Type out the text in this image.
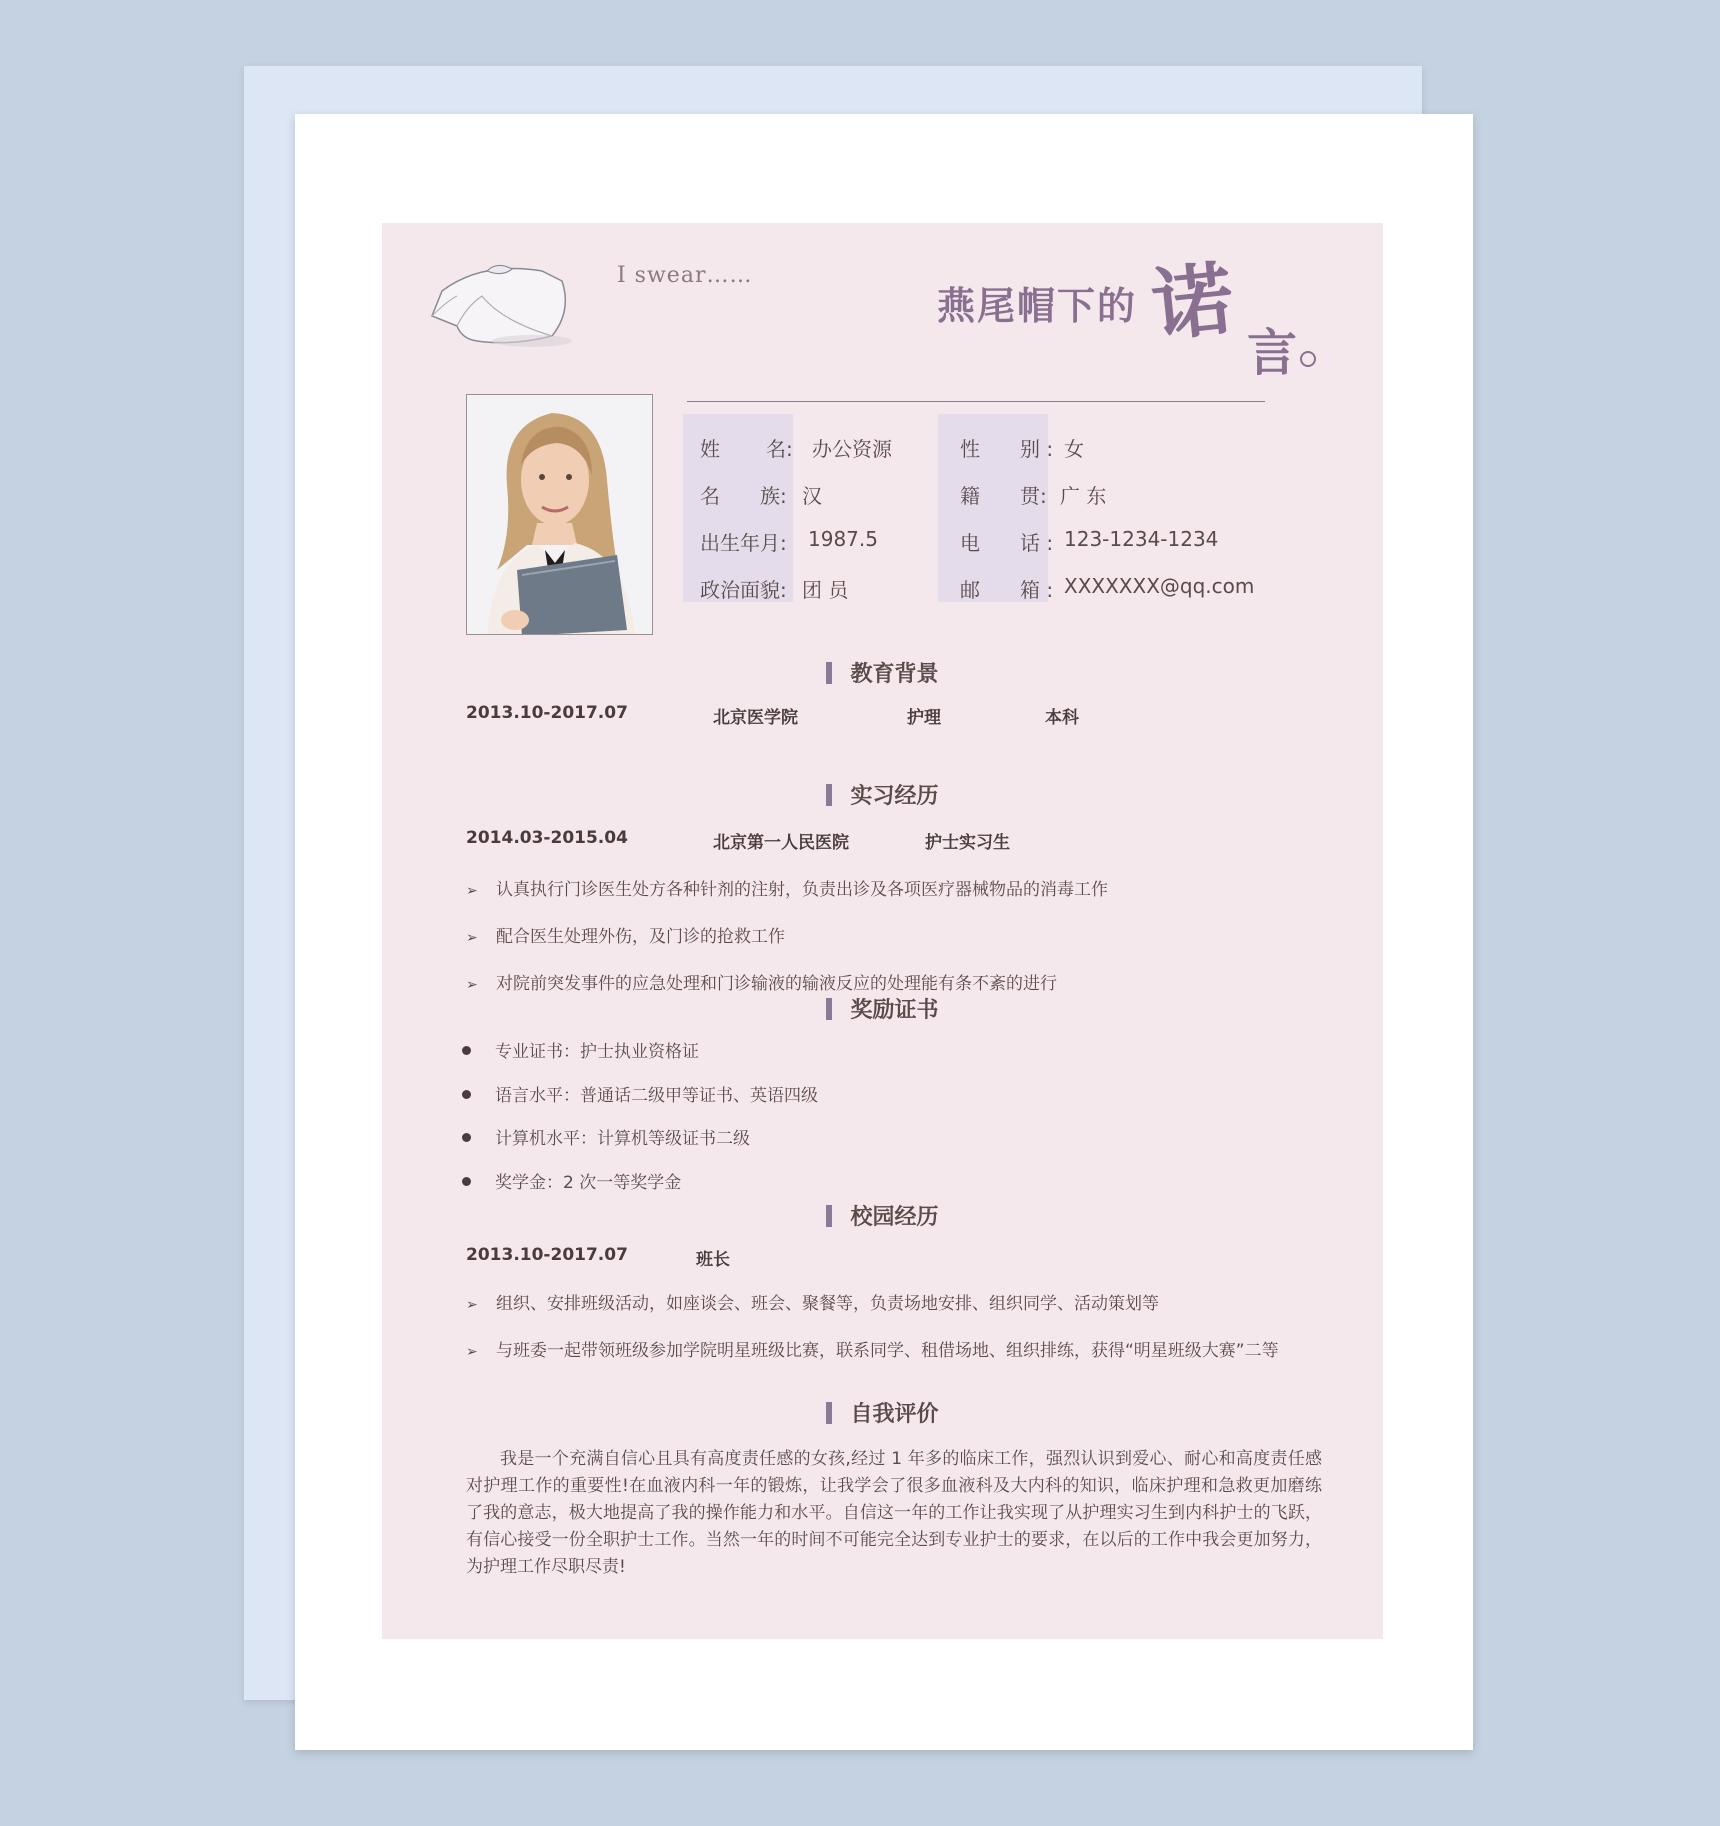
I swear……
燕尾帽下的 诺 言
姓 名: 办公资源
名 族: 汉
出生年月: 1987.5
政治面貌: 团 员
性 别 : 女
籍 贯: 广 东
电 话 : 123-1234-1234
邮 箱 : XXXXXXX@qq.com
教育背景
2013.10-2017.07	北京医学院	护理	本科
实习经历
2014.03-2015.04	北京第一人民医院	护士实习生
➢ 认真执行门诊医生处方各种针剂的注射，负责出诊及各项医疗器械物品的消毒工作
➢ 配合医生处理外伤，及门诊的抢救工作
➢ 对院前突发事件的应急处理和门诊输液的输液反应的处理能有条不紊的进行
奖励证书
专业证书：护士执业资格证
语言水平：普通话二级甲等证书、英语四级
计算机水平：计算机等级证书二级
奖学金：2 次一等奖学金
校园经历
2013.10-2017.07	班长
➢ 组织、安排班级活动，如座谈会、班会、聚餐等，负责场地安排、组织同学、活动策划等
➢ 与班委一起带领班级参加学院明星班级比赛，联系同学、租借场地、组织排练，获得“明星班级大赛”二等
自我评价
我是一个充满自信心且具有高度责任感的女孩,经过 1 年多的临床工作，强烈认识到爱心、耐心和高度责任感对护理工作的重要性!在血液内科一年的锻炼，让我学会了很多血液科及大内科的知识，临床护理和急救更加磨练了我的意志，极大地提高了我的操作能力和水平。自信这一年的工作让我实现了从护理实习生到内科护士的飞跃，有信心接受一份全职护士工作。当然一年的时间不可能完全达到专业护士的要求，在以后的工作中我会更加努力，为护理工作尽职尽责!
